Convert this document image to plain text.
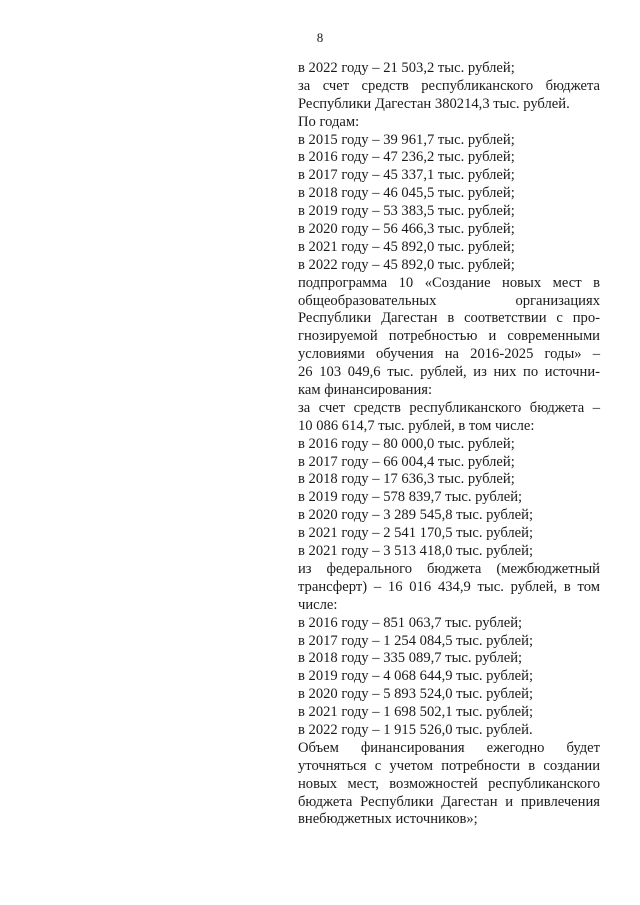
8
в 2022 году – 21 503,2 тыс. рублей;
за счет средств республиканского бюджета
Республики Дагестан 380214,3 тыс. рублей.
По годам:
в 2015 году – 39 961,7 тыс. рублей;
в 2016 году – 47 236,2 тыс. рублей;
в 2017 году – 45 337,1 тыс. рублей;
в 2018 году – 46 045,5 тыс. рублей;
в 2019 году – 53 383,5 тыс. рублей;
в 2020 году – 56 466,3 тыс. рублей;
в 2021 году – 45 892,0 тыс. рублей;
в 2022 году – 45 892,0 тыс. рублей;
подпрограмма 10 «Создание новых мест в
общеобразовательных организациях
Республики Дагестан в соответствии с про-
гнозируемой потребностью и современными
условиями обучения на 2016-2025 годы» –
26 103 049,6 тыс. рублей, из них по источни-
кам финансирования:
за счет средств республиканского бюджета –
10 086 614,7 тыс. рублей, в том числе:
в 2016 году – 80 000,0 тыс. рублей;
в 2017 году – 66 004,4 тыс. рублей;
в 2018 году – 17 636,3 тыс. рублей;
в 2019 году – 578 839,7 тыс. рублей;
в 2020 году – 3 289 545,8 тыс. рублей;
в 2021 году – 2 541 170,5 тыс. рублей;
в 2021 году – 3 513 418,0 тыс. рублей;
из федерального бюджета (межбюджетный
трансферт) – 16 016 434,9 тыс. рублей, в том
числе:
в 2016 году – 851 063,7 тыс. рублей;
в 2017 году – 1 254 084,5 тыс. рублей;
в 2018 году – 335 089,7 тыс. рублей;
в 2019 году – 4 068 644,9 тыс. рублей;
в 2020 году – 5 893 524,0 тыс. рублей;
в 2021 году – 1 698 502,1 тыс. рублей;
в 2022 году – 1 915 526,0 тыс. рублей.
Объем финансирования ежегодно будет
уточняться с учетом потребности в создании
новых мест, возможностей республиканского
бюджета Республики Дагестан и привлечения
внебюджетных источников»;
